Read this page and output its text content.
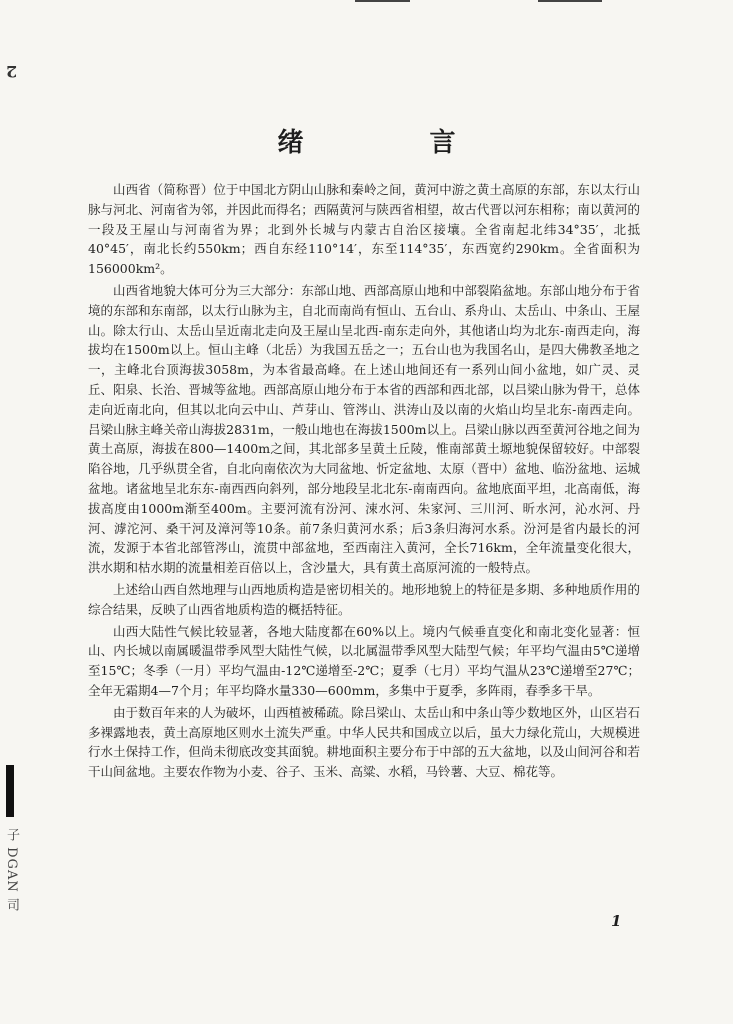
2
子 DGAN 司
绪　言

山西省（简称晋）位于中国北方阴山山脉和秦岭之间，黄河中游之黄土高原的东部，东以太行山脉与河北、河南省为邻，并因此而得名；西隔黄河与陕西省相望，故古代晋以河东相称；南以黄河的一段及王屋山与河南省为界；北到外长城与内蒙古自治区接壤。全省南起北纬34°35′，北抵40°45′，南北长约550km；西自东经110°14′，东至114°35′，东西宽约290km。全省面积为156000km²。

山西省地貌大体可分为三大部分：东部山地、西部高原山地和中部裂陷盆地。东部山地分布于省境的东部和东南部，以太行山脉为主，自北而南尚有恒山、五台山、系舟山、太岳山、中条山、王屋山。除太行山、太岳山呈近南北走向及王屋山呈北西-南东走向外，其他诸山均为北东-南西走向，海拔均在1500m以上。恒山主峰（北岳）为我国五岳之一；五台山也为我国名山，是四大佛教圣地之一，主峰北台顶海拔3058m，为本省最高峰。在上述山地间还有一系列山间小盆地，如广灵、灵丘、阳泉、长治、晋城等盆地。西部高原山地分布于本省的西部和西北部，以吕梁山脉为骨干，总体走向近南北向，但其以北向云中山、芦芽山、管涔山、洪涛山及以南的火焰山均呈北东-南西走向。吕梁山脉主峰关帝山海拔2831m，一般山地也在海拔1500m以上。吕梁山脉以西至黄河谷地之间为黄土高原，海拔在800—1400m之间，其北部多呈黄土丘陵，惟南部黄土塬地貌保留较好。中部裂陷谷地，几乎纵贯全省，自北向南依次为大同盆地、忻定盆地、太原（晋中）盆地、临汾盆地、运城盆地。诸盆地呈北东东-南西西向斜列，部分地段呈北北东-南南西向。盆地底面平坦，北高南低，海拔高度由1000m渐至400m。主要河流有汾河、涑水河、朱家河、三川河、昕水河，沁水河、丹河、滹沱河、桑干河及漳河等10条。前7条归黄河水系；后3条归海河水系。汾河是省内最长的河流，发源于本省北部管涔山，流贯中部盆地，至西南注入黄河，全长716km，全年流量变化很大，洪水期和枯水期的流量相差百倍以上，含沙量大，具有黄土高原河流的一般特点。

上述给山西自然地理与山西地质构造是密切相关的。地形地貌上的特征是多期、多种地质作用的综合结果，反映了山西省地质构造的概括特征。

山西大陆性气候比较显著，各地大陆度都在60%以上。境内气候垂直变化和南北变化显著：恒山、内长城以南属暖温带季风型大陆性气候，以北属温带季风型大陆型气候；年平均气温由5℃递增至15℃；冬季（一月）平均气温由-12℃递增至-2℃；夏季（七月）平均气温从23℃递增至27℃；全年无霜期4—7个月；年平均降水量330—600mm，多集中于夏季，多阵雨，春季多干旱。

由于数百年来的人为破坏，山西植被稀疏。除吕梁山、太岳山和中条山等少数地区外，山区岩石多裸露地表，黄土高原地区则水土流失严重。中华人民共和国成立以后，虽大力绿化荒山，大规模进行水土保持工作，但尚未彻底改变其面貌。耕地面积主要分布于中部的五大盆地，以及山间河谷和若干山间盆地。主要农作物为小麦、谷子、玉米、高粱、水稻，马铃薯、大豆、棉花等。

1
